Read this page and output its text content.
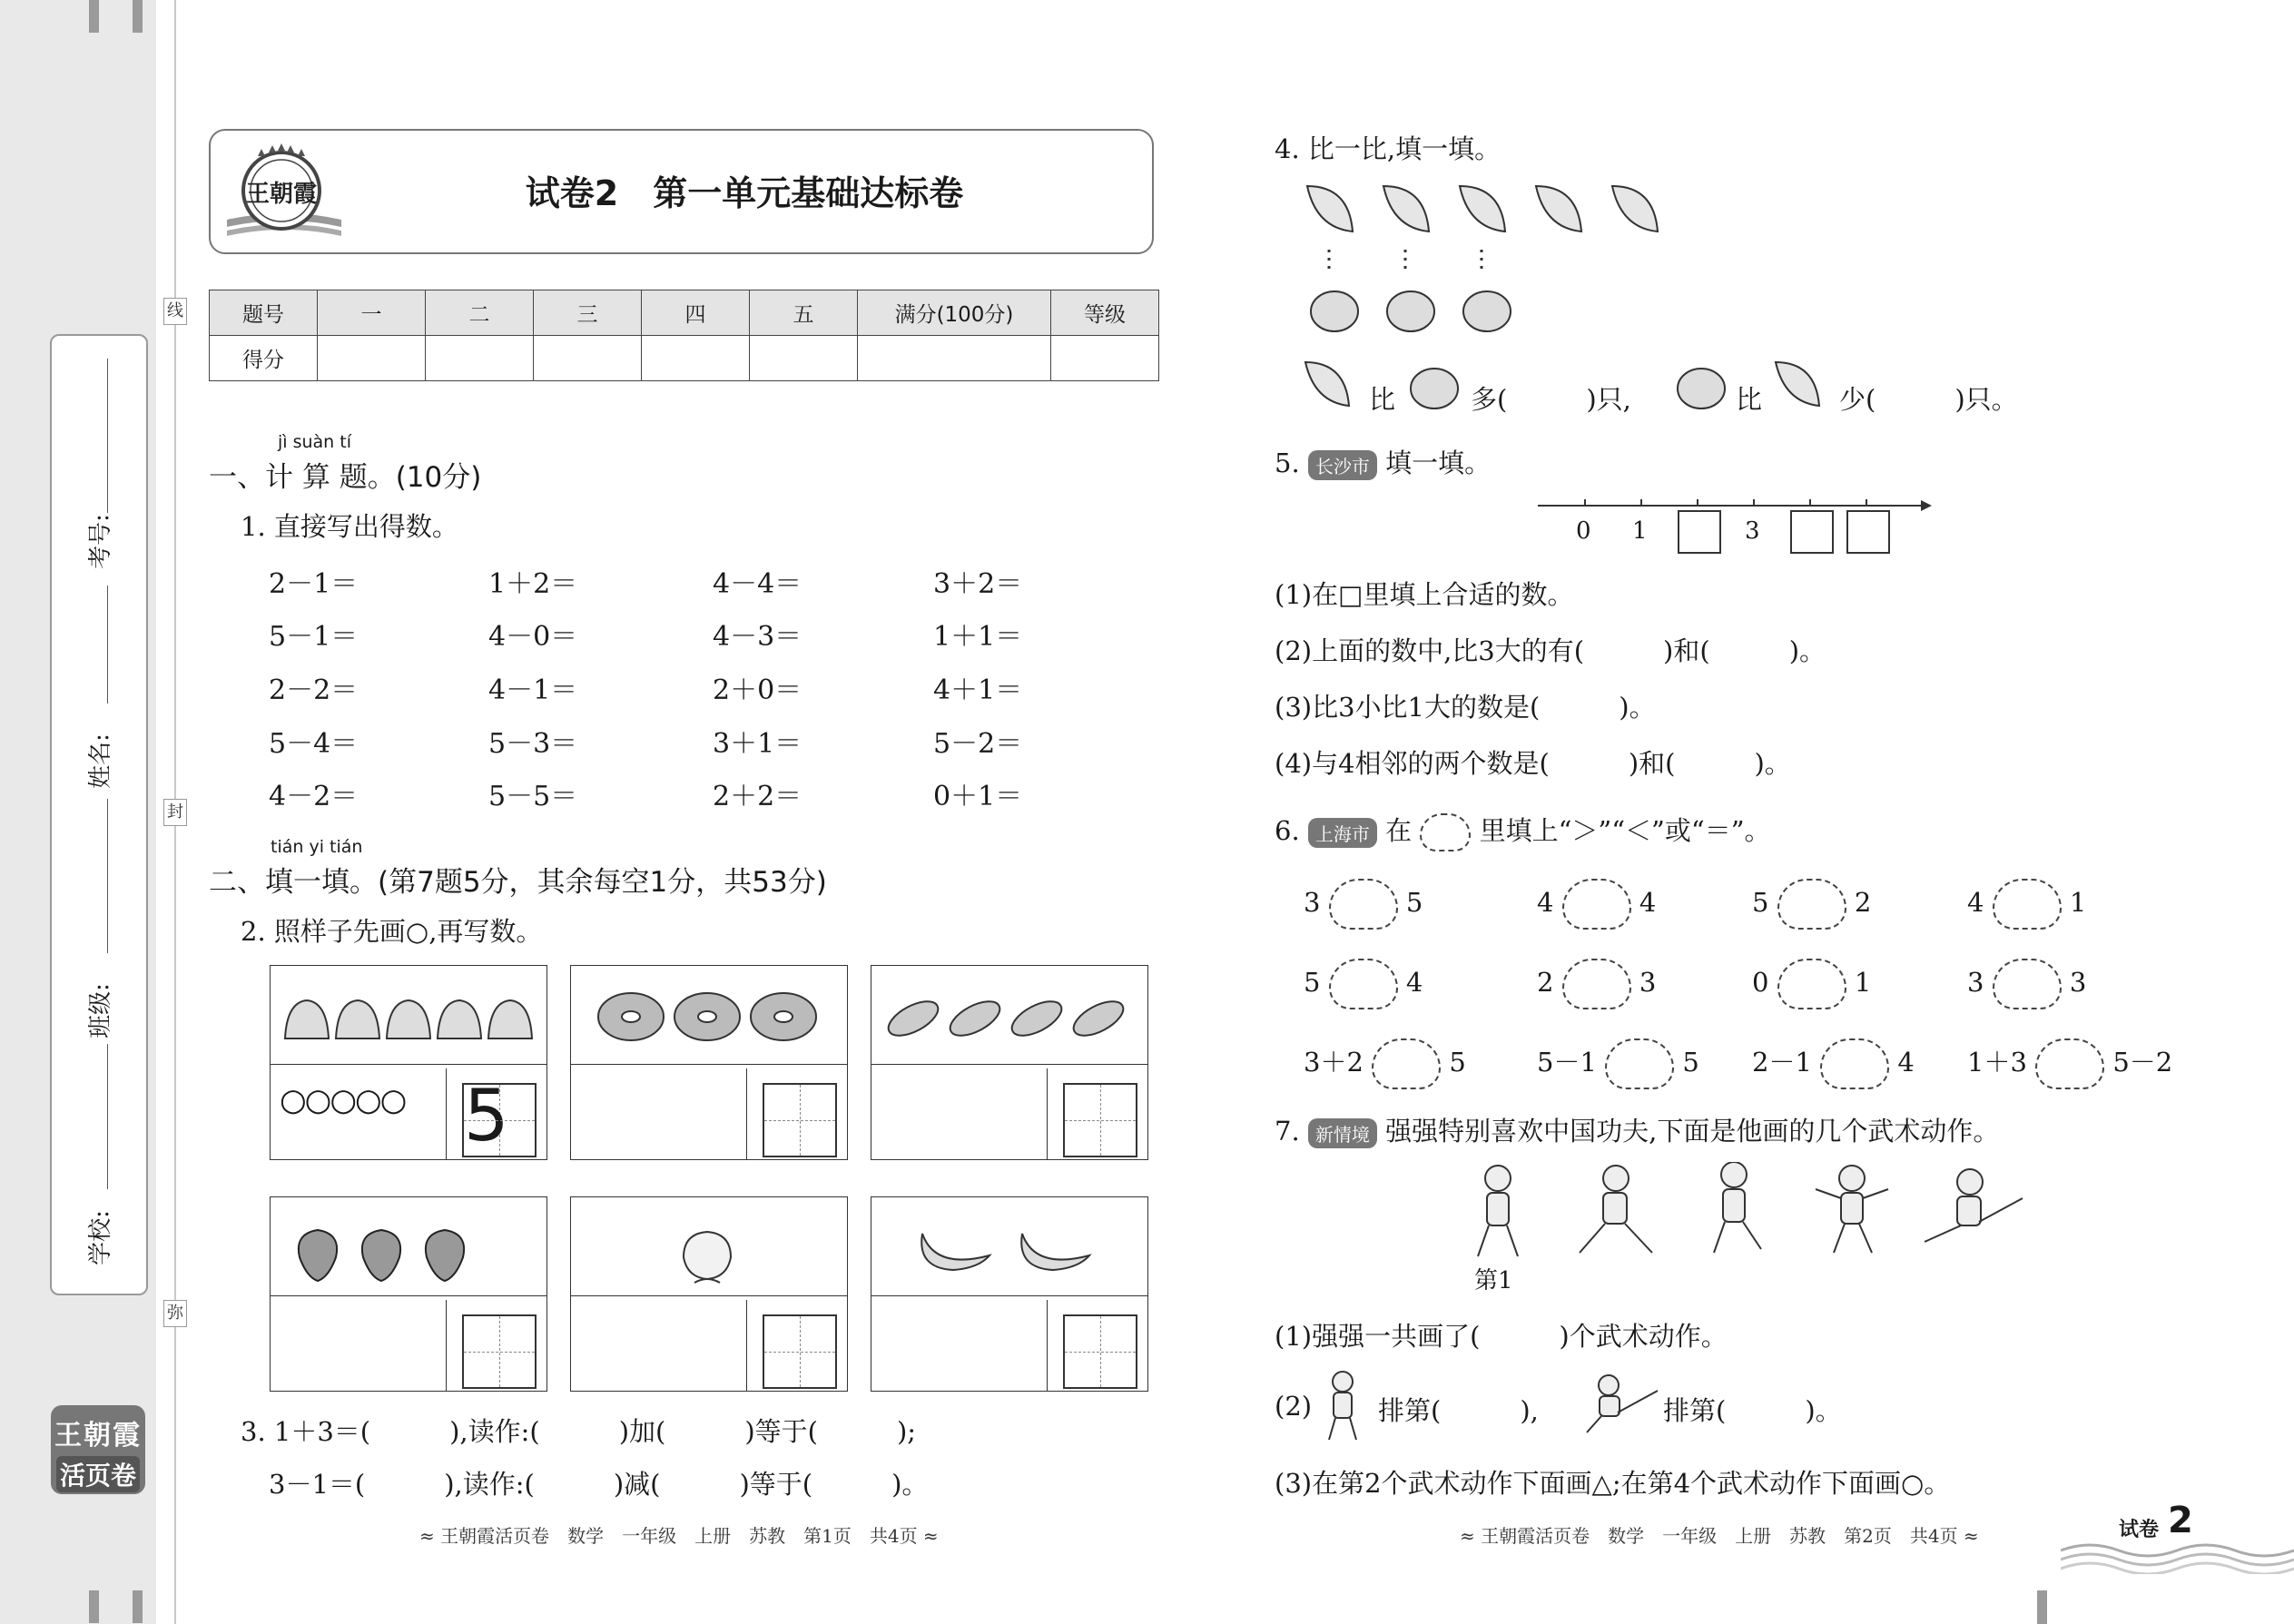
线
封
弥
考号:
姓名:
班级:
学校:
王朝霞
活页卷
王朝霞	试卷2　第一单元基础达标卷
题号	一	二	三	四	五	满分(100分)	等级
得分							
jì suàn tí
一、计 算 题。(10分)
1. 直接写出得数。
2－1＝	1＋2＝	4－4＝	3＋2＝
5－1＝	4－0＝	4－3＝	1＋1＝
2－2＝	4－1＝	2＋0＝	4＋1＝
5－4＝	5－3＝	3＋1＝	5－2＝
4－2＝	5－5＝	2＋2＝	0＋1＝
tián yi tián
二、填一填。(第7题5分，其余每空1分，共53分)
2. 照样子先画○,再写数。
○○○○○ 5
3. 1＋3＝(　　　),读作:(　　　)加(　　　)等于(　　　);
3－1＝(　　　),读作:(　　　)减(　　　)等于(　　　)。
≈ 王朝霞活页卷　数学　一年级　上册　苏教　第1页　共4页 ≈
4. 比一比,填一填。
比	多(　　　)只,	比	少(　　　)只。
5. 长沙市 填一填。
0 1	3
(1)在□里填上合适的数。
(2)上面的数中,比3大的有(　　　)和(　　　)。
(3)比3小比1大的数是(　　　)。
(4)与4相邻的两个数是(　　　)和(　　　)。
6. 上海市 在	里填上“＞”“＜”或“＝”。
3	5	4	4	5	2	4	1
5	4	2	3	0	1	3	3
3＋2	5	5－1	5 2－1	4 1＋3	5－2
7. 新情境 强强特别喜欢中国功夫,下面是他画的几个武术动作。
第1
(1)强强一共画了(　　　)个武术动作。
(2)	排第(　　　),	排第(　　　)。
(3)在第2个武术动作下面画△;在第4个武术动作下面画○。
≈ 王朝霞活页卷　数学　一年级　上册　苏教　第2页　共4页 ≈	试卷 2
